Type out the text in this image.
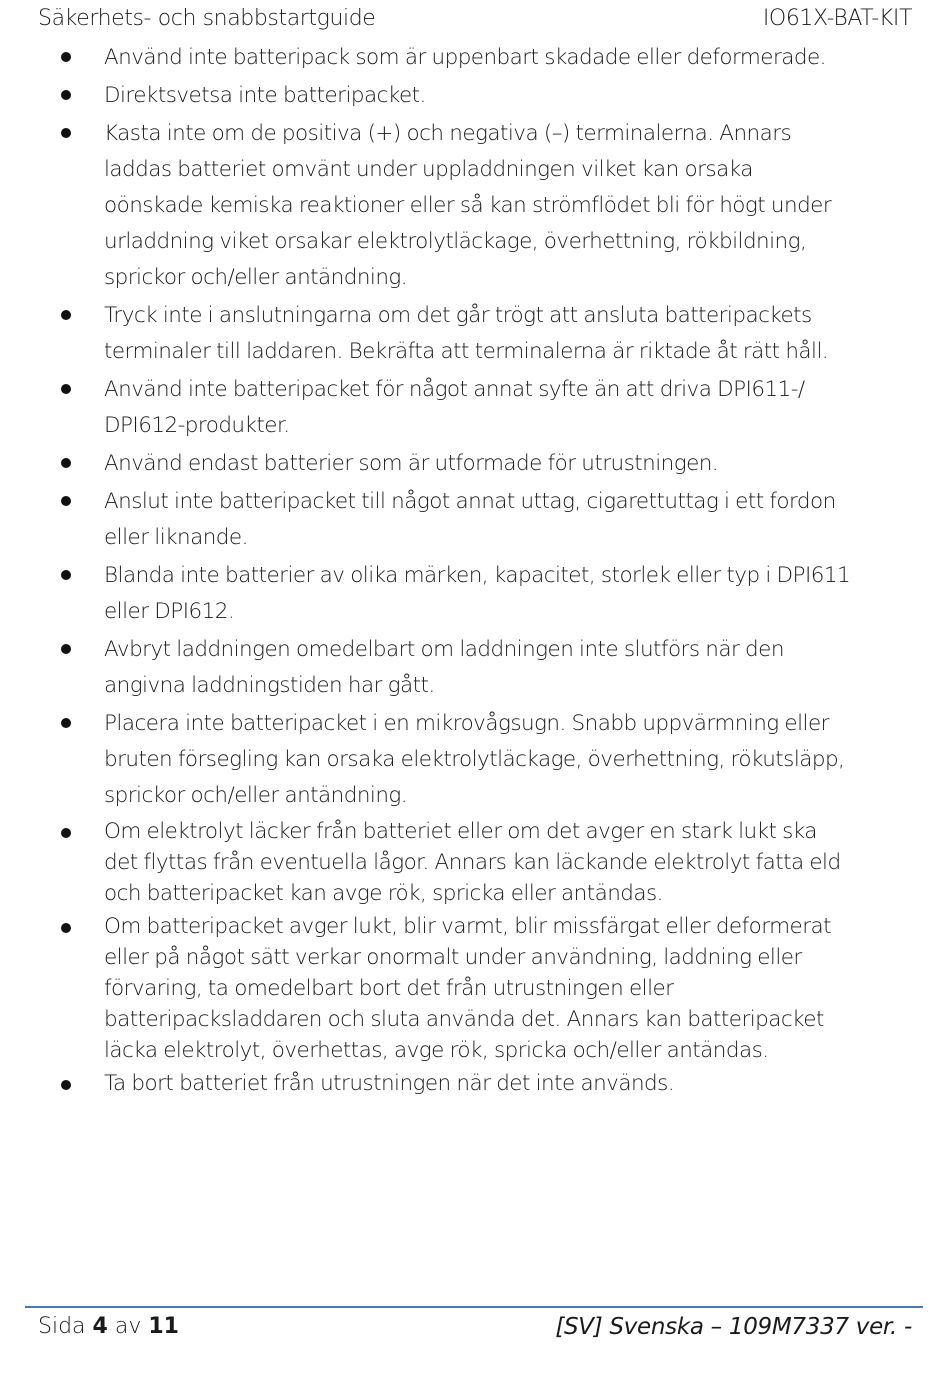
Säkerhets- och snabbstartguide	IO61X-BAT-KIT
Använd inte batteripack som är uppenbart skadade eller deformerade.
Direktsvetsa inte batteripacket.
Kasta inte om de positiva (+) och negativa (–) terminalerna. Annars
laddas batteriet omvänt under uppladdningen vilket kan orsaka
oönskade kemiska reaktioner eller så kan strömflödet bli för högt under
urladdning viket orsakar elektrolytläckage, överhettning, rökbildning,
sprickor och/eller antändning.
Tryck inte i anslutningarna om det går trögt att ansluta batteripackets
terminaler till laddaren. Bekräfta att terminalerna är riktade åt rätt håll.
Använd inte batteripacket för något annat syfte än att driva DPI611-/
DPI612-produkter.
Använd endast batterier som är utformade för utrustningen.
Anslut inte batteripacket till något annat uttag, cigarettuttag i ett fordon
eller liknande.
Blanda inte batterier av olika märken, kapacitet, storlek eller typ i DPI611
eller DPI612.
Avbryt laddningen omedelbart om laddningen inte slutförs när den
angivna laddningstiden har gått.
Placera inte batteripacket i en mikrovågsugn. Snabb uppvärmning eller
bruten försegling kan orsaka elektrolytläckage, överhettning, rökutsläpp,
sprickor och/eller antändning.
Om elektrolyt läcker från batteriet eller om det avger en stark lukt ska
det flyttas från eventuella lågor. Annars kan läckande elektrolyt fatta eld
och batteripacket kan avge rök, spricka eller antändas.
Om batteripacket avger lukt, blir varmt, blir missfärgat eller deformerat
eller på något sätt verkar onormalt under användning, laddning eller
förvaring, ta omedelbart bort det från utrustningen eller
batteripacksladdaren och sluta använda det. Annars kan batteripacket
läcka elektrolyt, överhettas, avge rök, spricka och/eller antändas.
Ta bort batteriet från utrustningen när det inte används.
Sida 4 av 11	[SV] Svenska – 109M7337 ver. -
